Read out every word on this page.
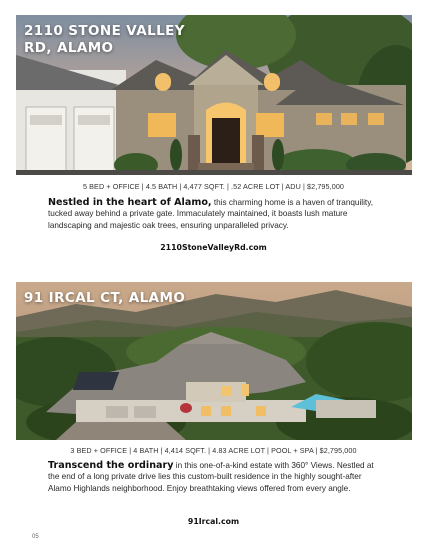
2110 STONE VALLEY
RD, ALAMO
5 BED + OFFICE | 4.5 BATH | 4,477 SQFT. | .52 ACRE LOT | ADU | $2,795,000
Nestled in the heart of Alamo, this charming home is a haven of tranquility, tucked away behind a private gate. Immaculately maintained, it boasts lush mature landscaping and majestic oak trees, ensuring unparalleled privacy.
2110StoneValleyRd.com
91 IRCAL CT, ALAMO
3 BED + OFFICE | 4 BATH | 4,414 SQFT. | 4.83 ACRE LOT | POOL + SPA | $2,795,000
Transcend the ordinary in this one-of-a-kind estate with 360° Views. Nestled at the end of a long private drive lies this custom-built residence in the highly sought-after Alamo Highlands neighborhood. Enjoy breathtaking views offered from every angle.
91Ircal.com
05
